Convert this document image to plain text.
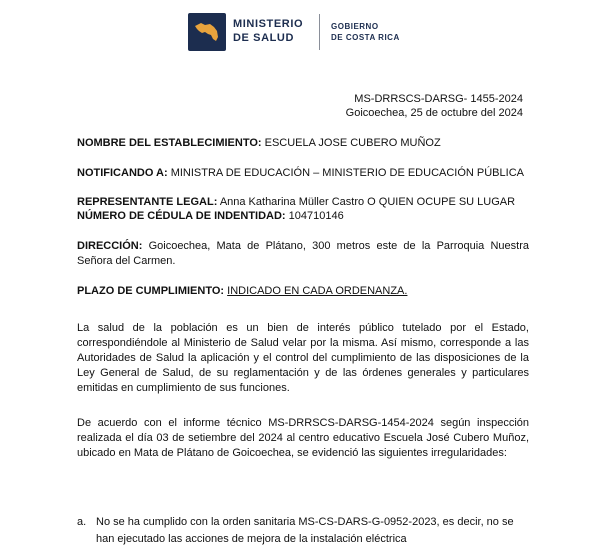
MINISTERIO
DE SALUD
GOBIERNO
DE COSTA RICA
MS-DRRSCS-DARSG- 1455-2024
Goicoechea, 25 de octubre del 2024
NOMBRE DEL ESTABLECIMIENTO: ESCUELA JOSE CUBERO MUÑOZ
NOTIFICANDO A: MINISTRA DE EDUCACIÓN – MINISTERIO DE EDUCACIÓN PÚBLICA
REPRESENTANTE LEGAL: Anna Katharina Müller Castro O QUIEN OCUPE SU LUGAR
NÚMERO DE CÉDULA DE INDENTIDAD: 104710146
DIRECCIÓN: Goicoechea, Mata de Plátano, 300 metros este de la Parroquia Nuestra Señora del Carmen.
PLAZO DE CUMPLIMIENTO: INDICADO EN CADA ORDENANZA.

La salud de la población es un bien de interés público tutelado por el Estado, correspondiéndole al Ministerio de Salud velar por la misma. Así mismo, corresponde a las Autoridades de Salud la aplicación y el control del cumplimiento de las disposiciones de la Ley General de Salud, de su reglamentación y de las órdenes generales y particulares emitidas en cumplimiento de sus funciones.

De acuerdo con el informe técnico MS-DRRSCS-DARSG-1454-2024 según inspección realizada el día 03 de setiembre del 2024 al centro educativo Escuela José Cubero Muñoz, ubicado en Mata de Plátano de Goicoechea, se evidenció las siguientes irregularidades:

a. No se ha cumplido con la orden sanitaria MS-CS-DARS-G-0952-2023, es decir, no se han ejecutado las acciones de mejora de la instalación eléctrica
